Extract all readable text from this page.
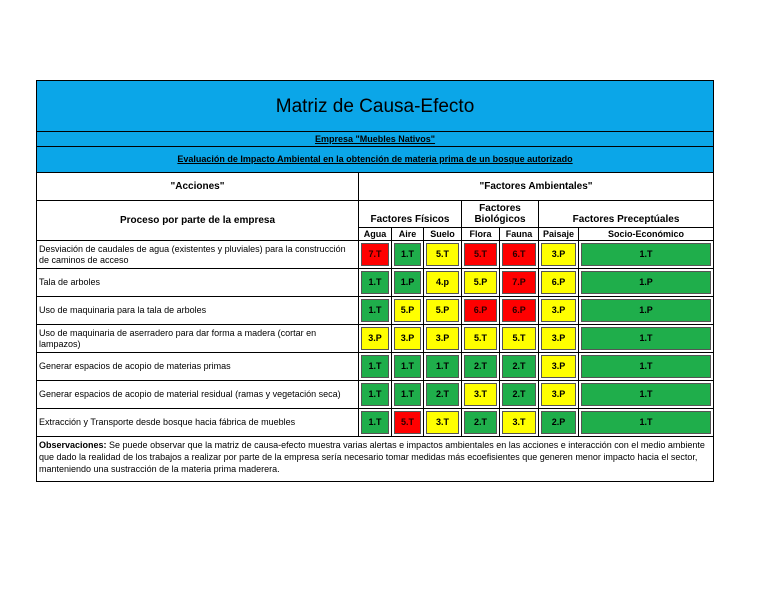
Matriz de Causa-Efecto							
Empresa "Muebles Nativos"							
Evaluación de Impacto Ambiental en la obtención de materia prima de un bosque autorizado							
"Acciones"	"Factores Ambientales"						
Proceso por parte de la empresa	Factores Físicos			Factores Biológicos		Factores Preceptúales	
	Agua	Aire	Suelo	Flora	Fauna	Paisaje	Socio-Económico
Desviación de caudales de agua (existentes y pluviales) para la construcción de caminos de acceso	7.T	1.T	5.T	5.T	6.T	3.P	1.T

Tala de arboles	1.T	1.P	4.p	5.P	7.P	6.P	1.P

Uso de maquinaria para la tala de arboles	1.T	5.P	5.P	6.P	6.P	3.P	1.P

Uso de maquinaria de aserradero para dar forma a madera (cortar en lampazos)	3.P	3.P	3.P	5.T	5.T	3.P	1.T

Generar espacios de acopio de materias primas	1.T	1.T	1.T	2.T	2.T	3.P	1.T

Generar espacios de acopio de material residual (ramas y vegetación seca)	1.T	1.T	2.T	3.T	2.T	3.P	1.T

Extracción y Transporte desde bosque hacia fábrica de muebles	1.T	5.T	3.T	2.T	3.T	2.P	1.T

Observaciones: Se puede observar que la matriz de causa-efecto muestra varias alertas e impactos ambientales en las acciones e interacción con el medio ambiente que dado la realidad de los trabajos a realizar por parte de la empresa sería necesario tomar medidas más ecoefisientes que generen menor impacto hacia el sector, manteniendo una sustracción de la materia prima maderera.							
